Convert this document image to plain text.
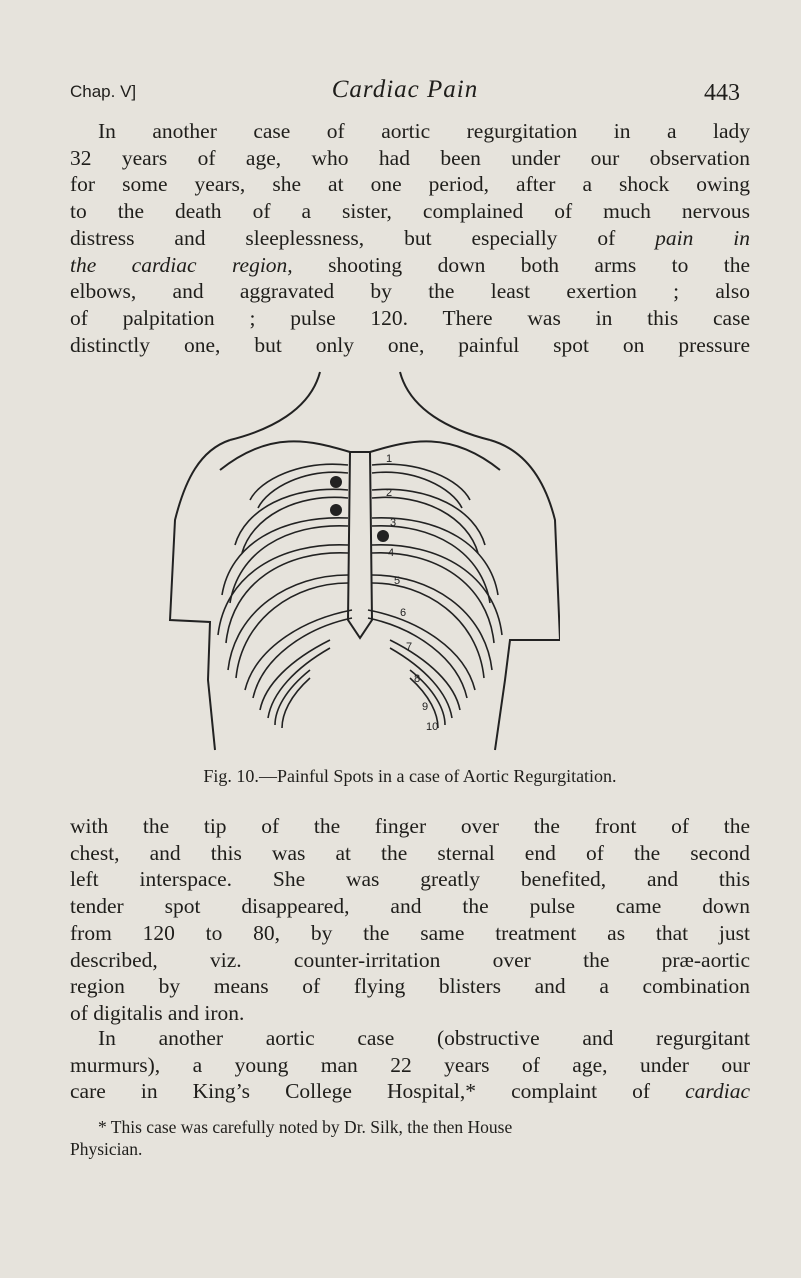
Chap. V]	Cardiac Pain	443
In another case of aortic regurgitation in a lady
32 years of age, who had been under our observation
for some years, she at one period, after a shock owing
to the death of a sister, complained of much nervous
distress and sleeplessness, but especially of pain in
the cardiac region, shooting down both arms to the
elbows, and aggravated by the least exertion ; also
of palpitation ; pulse 120. There was in this case
distinctly one, but only one, painful spot on pressure
1
2
3
4
5
6
7
8
9
10
Fig. 10.—Painful Spots in a case of Aortic Regurgitation.
with the tip of the finger over the front of the
chest, and this was at the sternal end of the second
left interspace. She was greatly benefited, and this
tender spot disappeared, and the pulse came down
from 120 to 80, by the same treatment as that just
described, viz. counter-irritation over the præ-aortic
region by means of flying blisters and a combination
of digitalis and iron.
In another aortic case (obstructive and regurgitant
murmurs), a young man 22 years of age, under our
care in King’s College Hospital,* complaint of cardiac
* This case was carefully noted by Dr. Silk, the then House
Physician.
